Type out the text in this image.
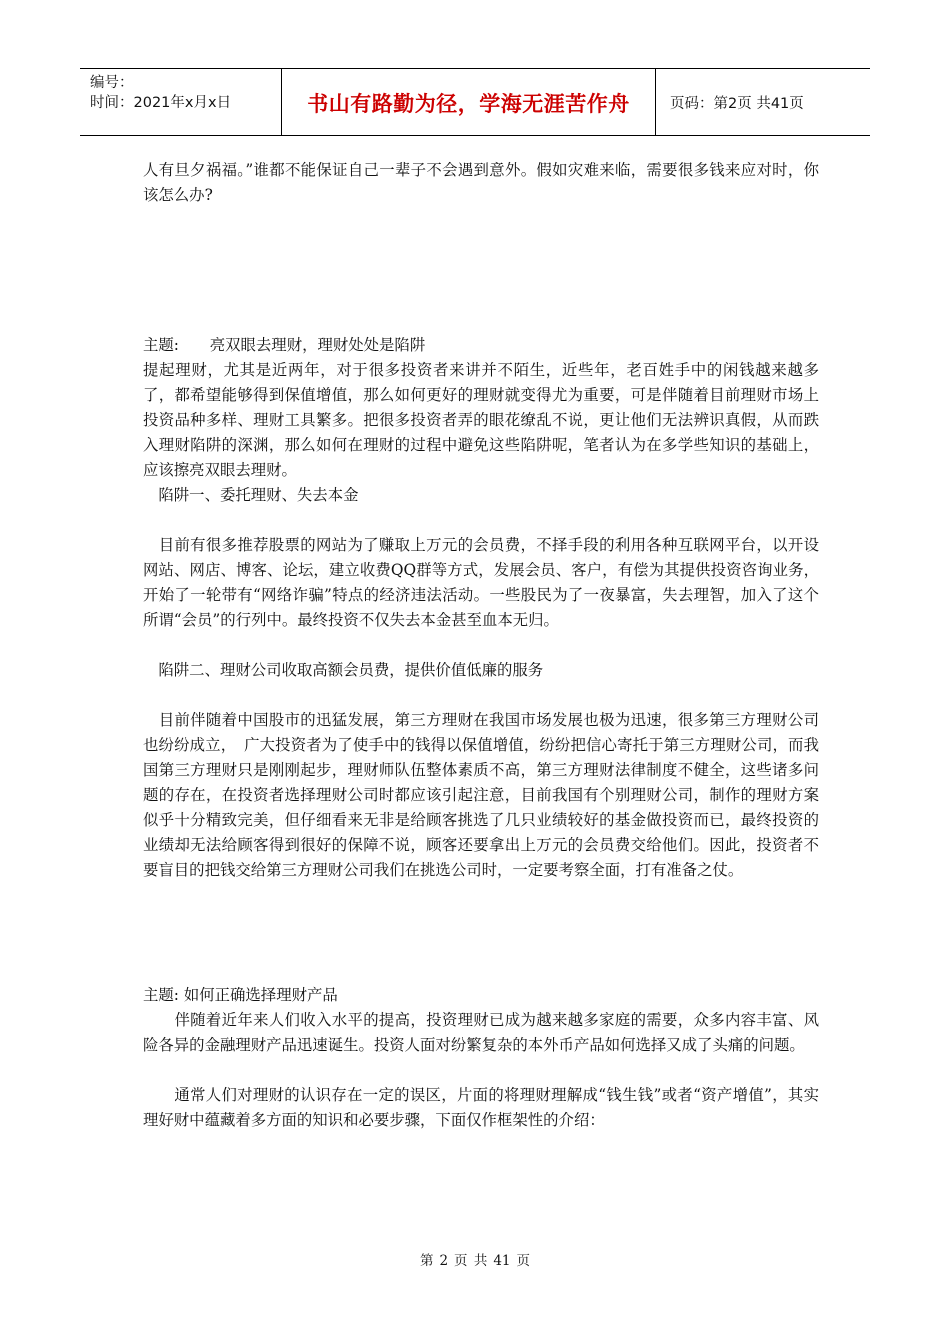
编号：
时间：2021年x月x日	书山有路勤为径，学海无涯苦作舟	页码：第2页 共41页

人有旦夕祸福。”谁都不能保证自己一辈子不会遇到意外。假如灾难来临，需要很多钱来应对时，你该怎么办?

主题:　　亮双眼去理财，理财处处是陷阱

提起理财，尤其是近两年，对于很多投资者来讲并不陌生，近些年，老百姓手中的闲钱越来越多了，都希望能够得到保值增值，那么如何更好的理财就变得尤为重要，可是伴随着目前理财市场上投资品种多样、理财工具繁多。把很多投资者弄的眼花缭乱不说，更让他们无法辨识真假，从而跌入理财陷阱的深渊，那么如何在理财的过程中避免这些陷阱呢，笔者认为在多学些知识的基础上，应该擦亮双眼去理财。

　陷阱一、委托理财、失去本金

　目前有很多推荐股票的网站为了赚取上万元的会员费，不择手段的利用各种互联网平台，以开设网站、网店、博客、论坛，建立收费QQ群等方式，发展会员、客户，有偿为其提供投资咨询业务，开始了一轮带有“网络诈骗”特点的经济违法活动。一些股民为了一夜暴富，失去理智，加入了这个所谓“会员”的行列中。最终投资不仅失去本金甚至血本无归。

　陷阱二、理财公司收取高额会员费，提供价值低廉的服务

　目前伴随着中国股市的迅猛发展，第三方理财在我国市场发展也极为迅速，很多第三方理财公司也纷纷成立，　广大投资者为了使手中的钱得以保值增值，纷纷把信心寄托于第三方理财公司，而我国第三方理财只是刚刚起步，理财师队伍整体素质不高，第三方理财法律制度不健全，这些诸多问题的存在，在投资者选择理财公司时都应该引起注意，目前我国有个别理财公司，制作的理财方案似乎十分精致完美，但仔细看来无非是给顾客挑选了几只业绩较好的基金做投资而已，最终投资的业绩却无法给顾客得到很好的保障不说，顾客还要拿出上万元的会员费交给他们。因此，投资者不要盲目的把钱交给第三方理财公司我们在挑选公司时，一定要考察全面，打有准备之仗。

主题: 如何正确选择理财产品

　　伴随着近年来人们收入水平的提高，投资理财已成为越来越多家庭的需要，众多内容丰富、风险各异的金融理财产品迅速诞生。投资人面对纷繁复杂的本外币产品如何选择又成了头痛的问题。

　　通常人们对理财的认识存在一定的误区，片面的将理财理解成“钱生钱”或者“资产增值”，其实理好财中蕴藏着多方面的知识和必要步骤，下面仅作框架性的介绍：

第 2 页 共 41 页
